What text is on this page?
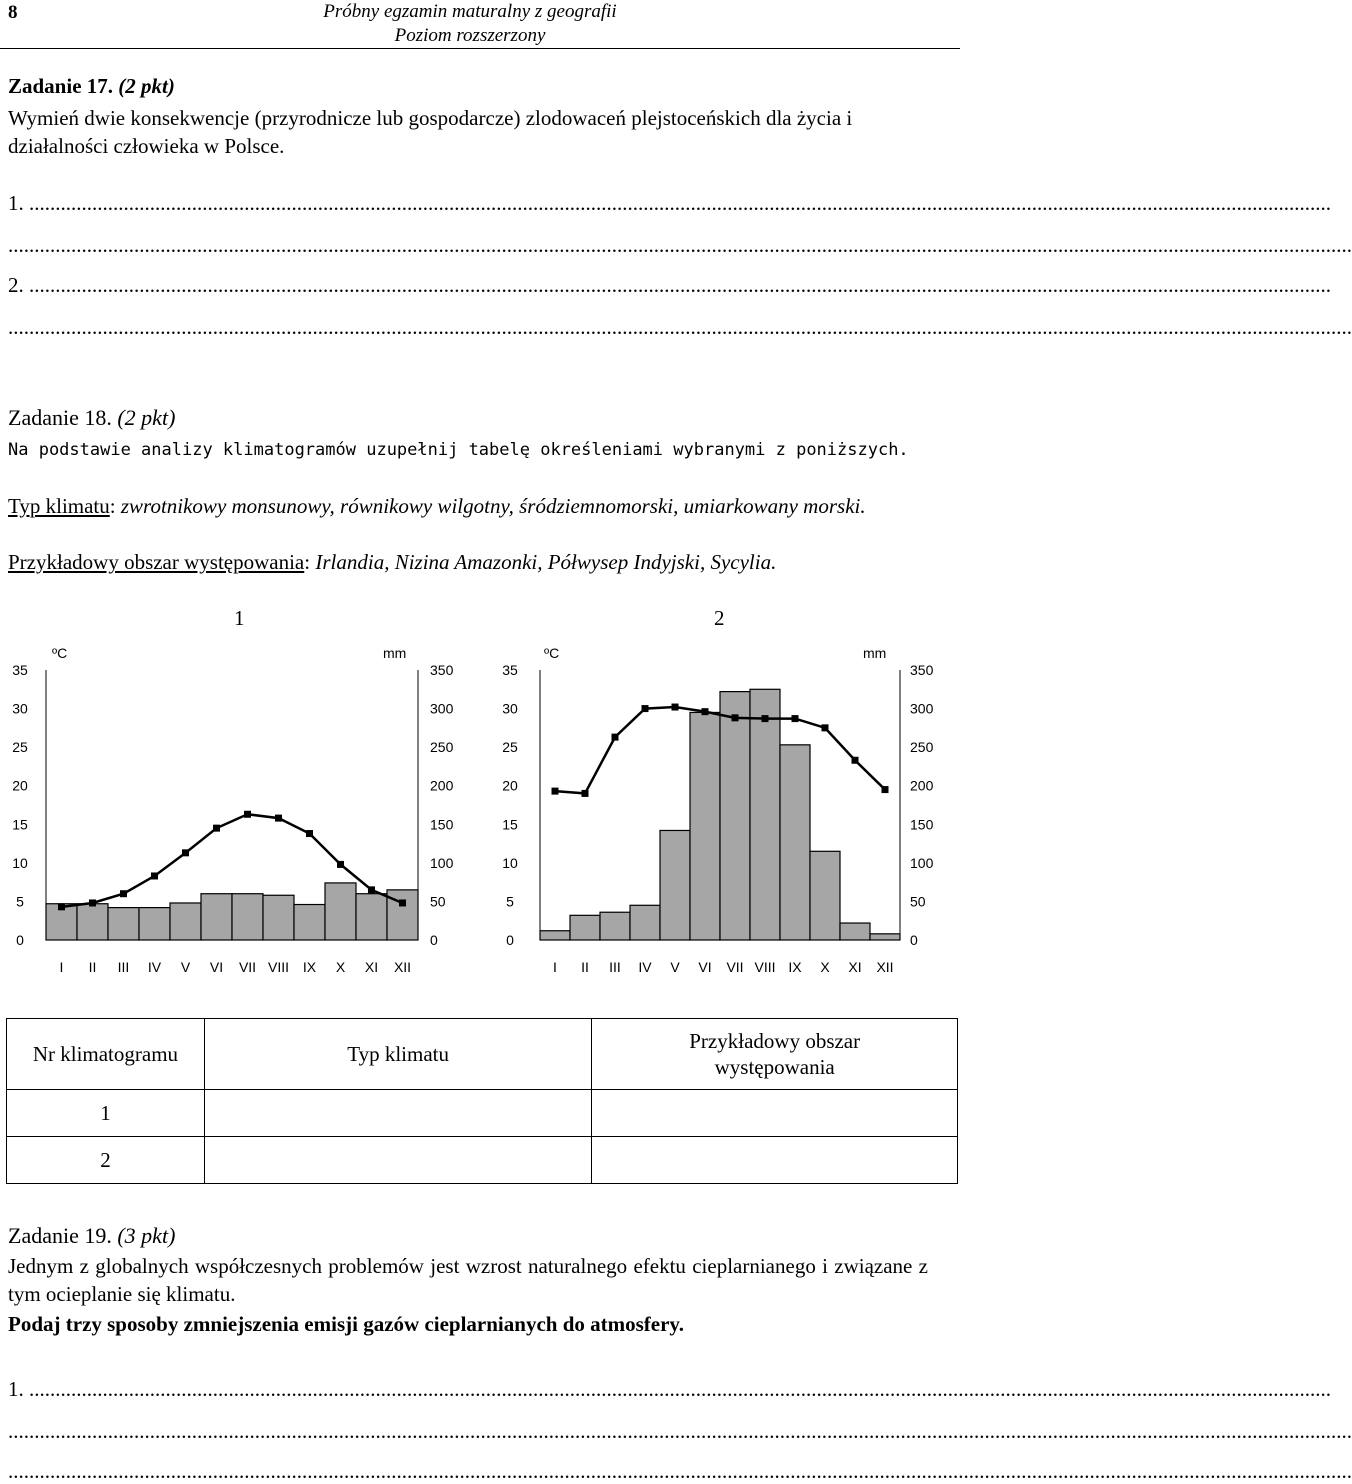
8	Próbny egzamin maturalny z geografii
Poziom rozszerzony
Zadanie 17. (2 pkt)
Wymień dwie konsekwencje (przyrodnicze lub gospodarcze) zlodowaceń plejstoceńskich dla życia i działalności człowieka w Polsce.
1. ........................................................................................................................................................................................................................................................
................................................................................................................................................................................................................................................................
2. ........................................................................................................................................................................................................................................................
................................................................................................................................................................................................................................................................
Zadanie 18. (2 pkt)
Na podstawie analizy klimatogramów uzupełnij tabelę określeniami wybranymi z poniższych.
Typ klimatu: zwrotnikowy monsunowy, równikowy wilgotny, śródziemnomorski, umiarkowany morski.
Przykładowy obszar występowania: Irlandia, Nizina Amazonki, Półwysep Indyjski, Sycylia.
1	2
0
5
10
15
20
25
30
35
0
50
100
150
200
250
300
350
ºC	mm
I II III IV V VI VII VIII IX X XI XII
0
5
10
15
20
25
30
35
0
50
100
150
200
250
300
350
ºC	mm
I II III IV V VI VII VIII IX X XI XII
Nr klimatogramu	Typ klimatu	Przykładowy obszar
występowania

1		
2		
Zadanie 19. (3 pkt)
Jednym z globalnych współczesnych problemów jest wzrost naturalnego efektu cieplarnianego i związane z tym ocieplanie się klimatu.
Podaj trzy sposoby zmniejszenia emisji gazów cieplarnianych do atmosfery.
1. ........................................................................................................................................................................................................................................................
................................................................................................................................................................................................................................................................
................................................................................................................................................................................................................................................................
